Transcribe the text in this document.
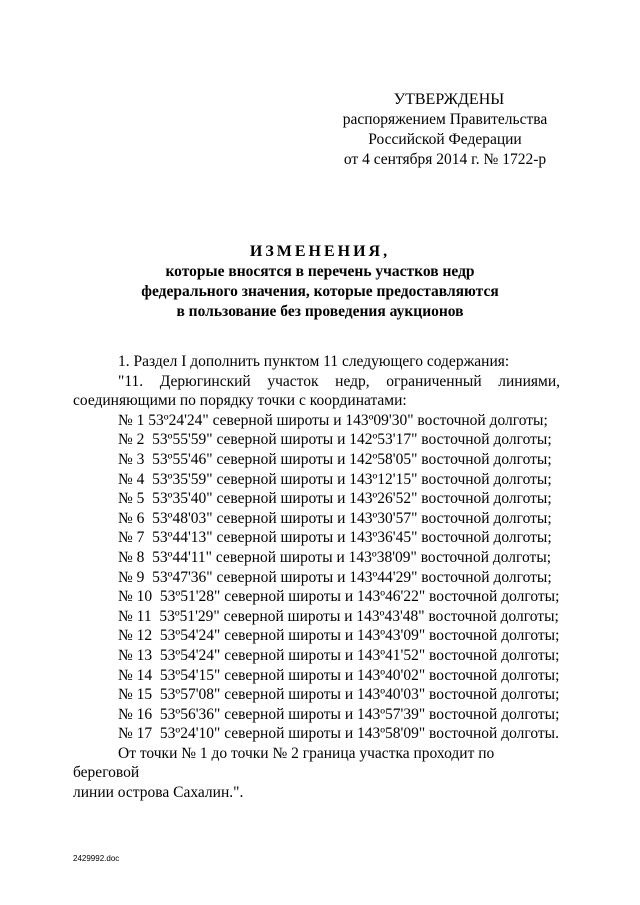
УТВЕРЖДЕНЫ
распоряжением Правительства
Российской Федерации
от 4 сентября 2014 г. № 1722-р
ИЗМЕНЕНИЯ,
которые вносятся в перечень участков недр
федерального значения, которые предоставляются
в пользование без проведения аукционов

1. Раздел I дополнить пунктом 11 следующего содержания:

"11. Дерюгинский участок недр, ограниченный линиями,

соединяющими по порядку точки с координатами:

№ 1 53º24'24" северной широты и 143º09'30" восточной долготы;
№ 2  53º55'59" северной широты и 142º53'17" восточной долготы;
№ 3  53º55'46" северной широты и 142º58'05" восточной долготы;
№ 4  53º35'59" северной широты и 143º12'15" восточной долготы;
№ 5  53º35'40" северной широты и 143º26'52" восточной долготы;
№ 6  53º48'03" северной широты и 143º30'57" восточной долготы;
№ 7  53º44'13" северной широты и 143º36'45" восточной долготы;
№ 8  53º44'11" северной широты и 143º38'09" восточной долготы;
№ 9  53º47'36" северной широты и 143º44'29" восточной долготы;
№ 10  53º51'28" северной широты и 143º46'22" восточной долготы;
№ 11  53º51'29" северной широты и 143º43'48" восточной долготы;
№ 12  53º54'24" северной широты и 143º43'09" восточной долготы;
№ 13  53º54'24" северной широты и 143º41'52" восточной долготы;
№ 14  53º54'15" северной широты и 143º40'02" восточной долготы;
№ 15  53º57'08" северной широты и 143º40'03" восточной долготы;
№ 16  53º56'36" северной широты и 143º57'39" восточной долготы;
№ 17  53º24'10" северной широты и 143º58'09" восточной долготы.

От точки № 1 до точки № 2 граница участка проходит по береговой

линии острова Сахалин.".

2429992.doc
